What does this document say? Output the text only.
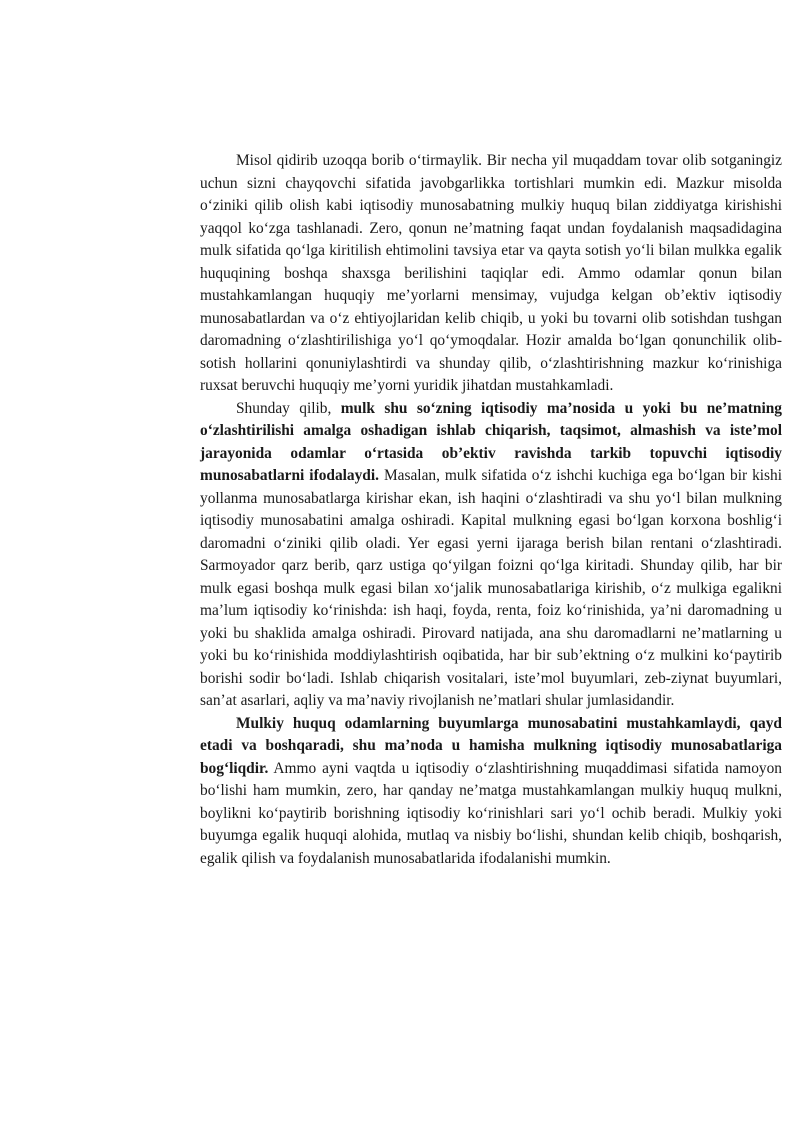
Misol qidirib uzoqqa borib o‘tirmaylik. Bir necha yil muqaddam tovar olib sotganingiz uchun sizni chayqovchi sifatida javobgarlikka tortishlari mumkin edi. Mazkur misolda o‘ziniki qilib olish kabi iqtisodiy munosabatning mulkiy huquq bilan ziddiyatga kirishishi yaqqol ko‘zga tashlanadi. Zero, qonun ne’matning faqat undan foydalanish maqsadidagina mulk sifatida qo‘lga kiritilish ehtimolini tavsiya etar va qayta sotish yo‘li bilan mulkka egalik huquqining boshqa shaxsga berilishini taqiqlar edi. Ammo odamlar qonun bilan mustahkamlangan huquqiy me’yorlarni mensimay, vujudga kelgan ob’ektiv iqtisodiy munosabatlardan va o‘z ehtiyojlaridan kelib chiqib, u yoki bu tovarni olib sotishdan tushgan daromadning o‘zlashtirilishiga yo‘l qo‘ymoqdalar. Hozir amalda bo‘lgan qonunchilik olib-sotish hollarini qonuniylashtirdi va shunday qilib, o‘zlashtirishning mazkur ko‘rinishiga ruxsat beruvchi huquqiy me’yorni yuridik jihatdan mustahkamladi.

Shunday qilib, mulk shu so‘zning iqtisodiy ma’nosida u yoki bu ne’matning o‘zlashtirilishi amalga oshadigan ishlab chiqarish, taqsimot, almashish va iste’mol jarayonida odamlar o‘rtasida ob’ektiv ravishda tarkib topuvchi iqtisodiy munosabatlarni ifodalaydi. Masalan, mulk sifatida o‘z ishchi kuchiga ega bo‘lgan bir kishi yollanma munosabatlarga kirishar ekan, ish haqini o‘zlashtiradi va shu yo‘l bilan mulkning iqtisodiy munosabatini amalga oshiradi. Kapital mulkning egasi bo‘lgan korxona boshlig‘i daromadni o‘ziniki qilib oladi. Yer egasi yerni ijaraga berish bilan rentani o‘zlashtiradi. Sarmoyador qarz berib, qarz ustiga qo‘yilgan foizni qo‘lga kiritadi. Shunday qilib, har bir mulk egasi boshqa mulk egasi bilan xo‘jalik munosabatlariga kirishib, o‘z mulkiga egalikni ma’lum iqtisodiy ko‘rinishda: ish haqi, foyda, renta, foiz ko‘rinishida, ya’ni daromadning u yoki bu shaklida amalga oshiradi. Pirovard natijada, ana shu daromadlarni ne’matlarning u yoki bu ko‘rinishida moddiylashtirish oqibatida, har bir sub’ektning o‘z mulkini ko‘paytirib borishi sodir bo‘ladi. Ishlab chiqarish vositalari, iste’mol buyumlari, zeb-ziynat buyumlari, san’at asarlari, aqliy va ma’naviy rivojlanish ne’matlari shular jumlasidandir.

Mulkiy huquq odamlarning buyumlarga munosabatini mustahkamlaydi, qayd etadi va boshqaradi, shu ma’noda u hamisha mulkning iqtisodiy munosabatlariga bog‘liqdir. Ammo ayni vaqtda u iqtisodiy o‘zlashtirishning muqaddimasi sifatida namoyon bo‘lishi ham mumkin, zero, har qanday ne’matga mustahkamlangan mulkiy huquq mulkni, boylikni ko‘paytirib borishning iqtisodiy ko‘rinishlari sari yo‘l ochib beradi. Mulkiy yoki buyumga egalik huquqi alohida, mutlaq va nisbiy bo‘lishi, shundan kelib chiqib, boshqarish, egalik qilish va foydalanish munosabatlarida ifodalanishi mumkin.
